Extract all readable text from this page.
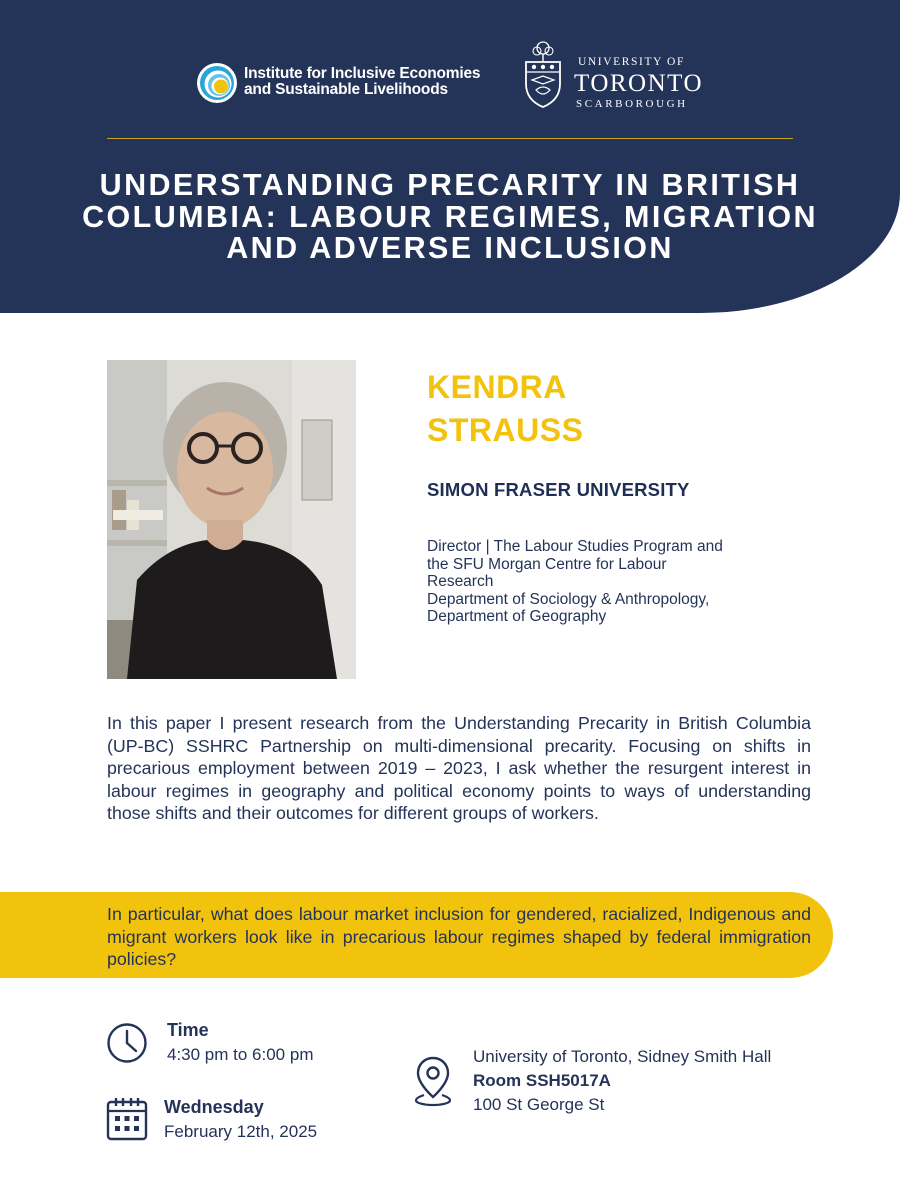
Institute for Inclusive Economies
and Sustainable Livelihoods
UNIVERSITY OF
TORONTO
SCARBOROUGH
UNDERSTANDING PRECARITY IN BRITISH COLUMBIA: LABOUR REGIMES, MIGRATION AND ADVERSE INCLUSION
KENDRA
STRAUSS
SIMON FRASER UNIVERSITY
Director | The Labour Studies Program and
the SFU Morgan Centre for Labour
Research
Department of Sociology & Anthropology,
Department of Geography

In this paper I present research from the Understanding Precarity in British Columbia (UP-BC) SSHRC Partnership on multi-dimensional precarity. Focusing on shifts in precarious employment between 2019 – 2023, I ask whether the resurgent interest in labour regimes in geography and political economy points to ways of understanding those shifts and their outcomes for different groups of workers.

In particular, what does labour market inclusion for gendered, racialized, Indigenous and migrant workers look like in precarious labour regimes shaped by federal immigration policies?

Time
4:30 pm to 6:00 pm
Wednesday
February 12th, 2025
University of Toronto, Sidney Smith Hall
Room SSH5017A
100 St George St
